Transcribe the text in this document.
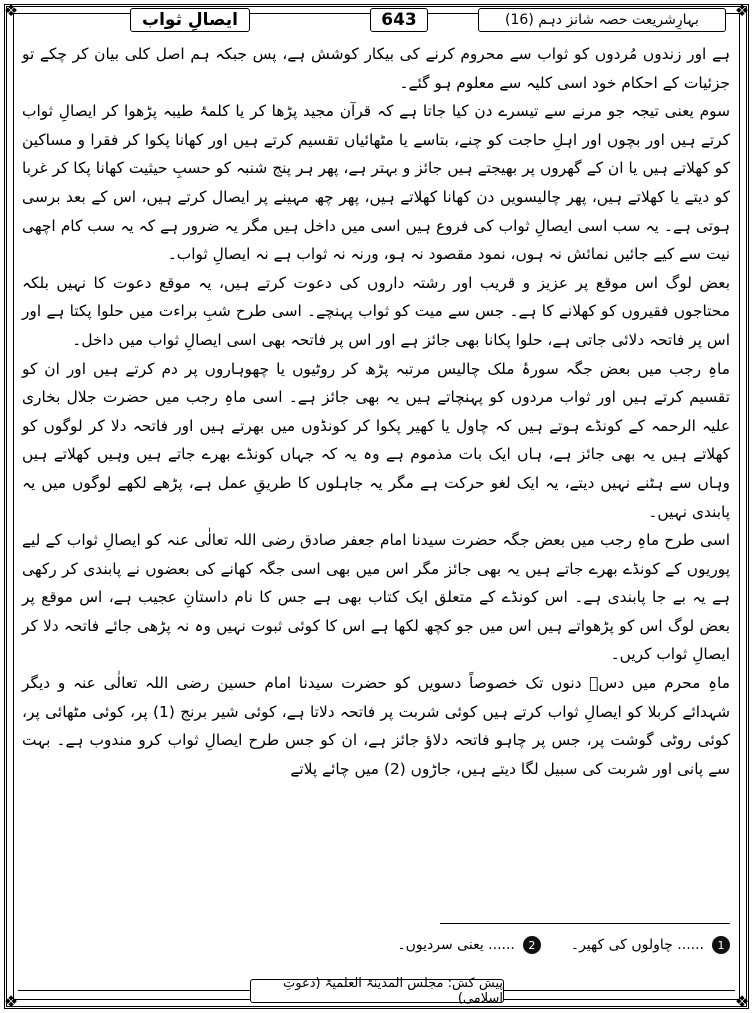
❖	❖
❖	❖
ایصالِ ثواب	643	بہارِشریعت حصہ شانز دہم (16)

ہے اور زندوں مُردوں کو ثواب سے محروم کرنے کی بیکار کوشش ہے، پس جبکہ ہم اصل کلی بیان کر چکے تو جزئیات کے احکام خود اسی کلیہ سے معلوم ہو گئے۔

سوم یعنی تیجہ جو مرنے سے تیسرے دن کیا جاتا ہے کہ قرآن مجید پڑھا کر یا کلمۂ طیبہ پڑھوا کر ایصالِ ثواب کرتے ہیں اور بچوں اور اہلِ حاجت کو چنے، بتاسے یا مٹھائیاں تقسیم کرتے ہیں اور کھانا پکوا کر فقرا و مساکین کو کھلاتے ہیں یا ان کے گھروں پر بھیجتے ہیں جائز و بہتر ہے، پھر ہر پنج شنبہ کو حسبِ حیثیت کھانا پکا کر غربا کو دیتے یا کھلاتے ہیں، پھر چالیسویں دن کھانا کھلاتے ہیں، پھر چھ مہینے پر ایصال کرتے ہیں، اس کے بعد برسی ہوتی ہے۔ یہ سب اسی ایصالِ ثواب کی فروع ہیں اسی میں داخل ہیں مگر یہ ضرور ہے کہ یہ سب کام اچھی نیت سے کیے جائیں نمائش نہ ہوں، نمود مقصود نہ ہو، ورنہ نہ ثواب ہے نہ ایصالِ ثواب۔

بعض لوگ اس موقع پر عزیز و قریب اور رشتہ داروں کی دعوت کرتے ہیں، یہ موقع دعوت کا نہیں بلکہ محتاجوں فقیروں کو کھلانے کا ہے۔ جس سے میت کو ثواب پہنچے۔ اسی طرح شبِ براءت میں حلوا پکتا ہے اور اس پر فاتحہ دلائی جاتی ہے، حلوا پکانا بھی جائز ہے اور اس پر فاتحہ بھی اسی ایصالِ ثواب میں داخل۔

ماہِ رجب میں بعض جگہ سورۂ ملک چالیس مرتبہ پڑھ کر روٹیوں یا چھوہاروں پر دم کرتے ہیں اور ان کو تقسیم کرتے ہیں اور ثواب مردوں کو پہنچاتے ہیں یہ بھی جائز ہے۔ اسی ماہِ رجب میں حضرت جلال بخاری علیہ الرحمہ کے کونڈے ہوتے ہیں کہ چاول یا کھیر پکوا کر کونڈوں میں بھرتے ہیں اور فاتحہ دلا کر لوگوں کو کھلاتے ہیں یہ بھی جائز ہے، ہاں ایک بات مذموم ہے وہ یہ کہ جہاں کونڈے بھرے جاتے ہیں وہیں کھلاتے ہیں وہاں سے ہٹنے نہیں دیتے، یہ ایک لغو حرکت ہے مگر یہ جاہلوں کا طریقِ عمل ہے، پڑھے لکھے لوگوں میں یہ پابندی نہیں۔

اسی طرح ماہِ رجب میں بعض جگہ حضرت سیدنا امام جعفر صادق رضی اللہ تعالٰی عنہ کو ایصالِ ثواب کے لیے پوریوں کے کونڈے بھرے جاتے ہیں یہ بھی جائز مگر اس میں بھی اسی جگہ کھانے کی بعضوں نے پابندی کر رکھی ہے یہ بے جا پابندی ہے۔ اس کونڈے کے متعلق ایک کتاب بھی ہے جس کا نام داستانِ عجیب ہے، اس موقع پر بعض لوگ اس کو پڑھواتے ہیں اس میں جو کچھ لکھا ہے اس کا کوئی ثبوت نہیں وہ نہ پڑھی جائے فاتحہ دلا کر ایصالِ ثواب کریں۔

ماہِ محرم میں دسؔ دنوں تک خصوصاً دسویں کو حضرت سیدنا امام حسین رضی اللہ تعالٰی عنہ و دیگر شہدائے کربلا کو ایصالِ ثواب کرتے ہیں کوئی شربت پر فاتحہ دلاتا ہے، کوئی شیر برنج (1) پر، کوئی مٹھائی پر، کوئی روٹی گوشت پر، جس پر چاہو فاتحہ دلاؤ جائز ہے، ان کو جس طرح ایصالِ ثواب کرو مندوب ہے۔ بہت سے پانی اور شربت کی سبیل لگا دیتے ہیں، جاڑوں (2) میں چائے پلاتے

1
...... چاولوں کی کھیر۔
2
...... یعنی سردیوں۔
پیش کش: مجلس المدینۃ العلمیۃ (دعوتِ اسلامی)
